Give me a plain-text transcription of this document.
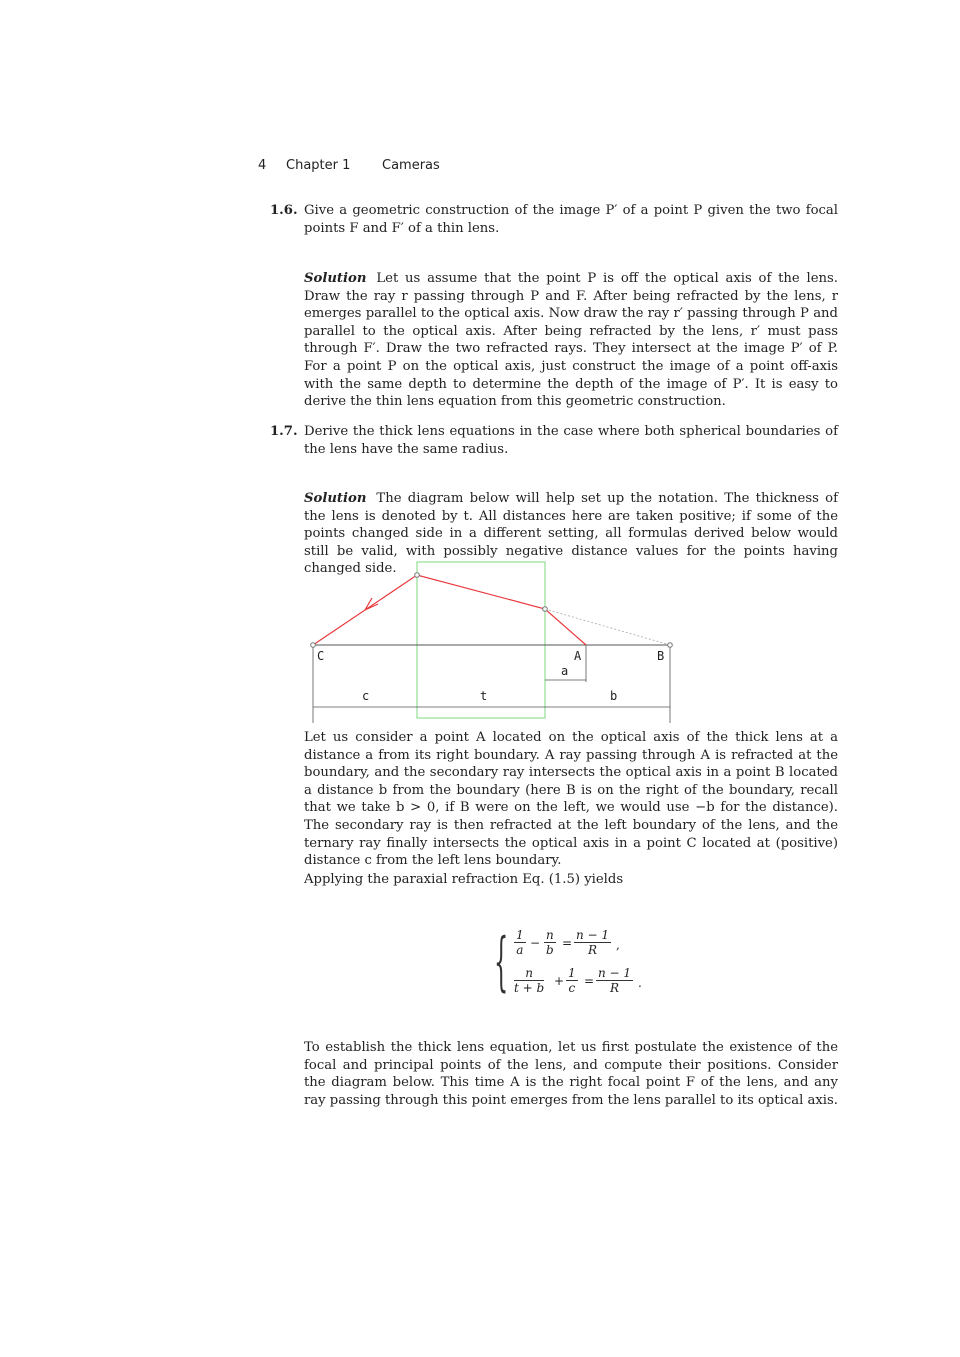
4 Chapter 1 Cameras
1.6. Give a geometric construction of the image P′ of a point P given the two focal points F and F′ of a thin lens.
Solution Let us assume that the point P is off the optical axis of the lens. Draw the ray r passing through P and F. After being refracted by the lens, r emerges parallel to the optical axis. Now draw the ray r′ passing through P and parallel to the optical axis. After being refracted by the lens, r′ must pass through F′. Draw the two refracted rays. They intersect at the image P′ of P. For a point P on the optical axis, just construct the image of a point off-axis with the same depth to determine the depth of the image of P′. It is easy to derive the thin lens equation from this geometric construction.
1.7. Derive the thick lens equations in the case where both spherical boundaries of the lens have the same radius.
Solution The diagram below will help set up the notation. The thickness of the lens is denoted by t. All distances here are taken positive; if some of the points changed side in a different setting, all formulas derived below would still be valid, with possibly negative distance values for the points having changed side.
C	A	B
a
c	t	b
Let us consider a point A located on the optical axis of the thick lens at a distance a from its right boundary. A ray passing through A is refracted at the boundary, and the secondary ray intersects the optical axis in a point B located a distance b from the boundary (here B is on the right of the boundary, recall that we take b > 0, if B were on the left, we would use −b for the distance). The secondary ray is then refracted at the left boundary of the lens, and the ternary ray finally intersects the optical axis in a point C located at (positive) distance c from the left lens boundary.
Applying the paraxial refraction Eq. (1.5) yields
{ $\frac{1}{a} - \frac{n}{b} = \frac{n - 1}{R}$ ,
$\frac{n}{t + b} + \frac{1}{c} = \frac{n - 1}{R}$ .
To establish the thick lens equation, let us first postulate the existence of the focal and principal points of the lens, and compute their positions. Consider the diagram below. This time A is the right focal point F of the lens, and any ray passing through this point emerges from the lens parallel to its optical axis.
